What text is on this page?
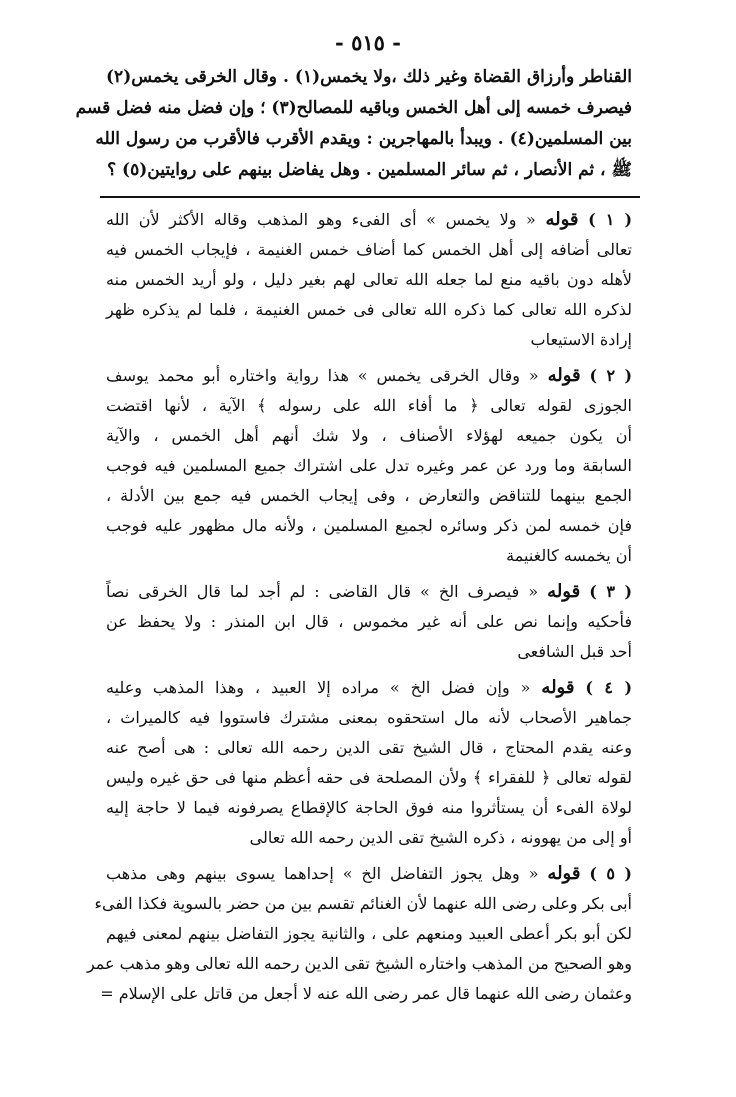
- ٥١٥ -
القناطر وأرزاق القضاة وغير ذلك ،ولا يخمس(١) . وقال الخرقى يخمس(٢)
فيصرف خمسه إلى أهل الخمس وباقيه للمصالح(٣) ؛ وإن فضل منه فضل قسم
بين المسلمين(٤) . ويبدأ بالمهاجرين : ويقدم الأقرب فالأقرب من رسول الله
ﷺ ، ثم الأنصار ، ثم سائر المسلمين . وهل يفاضل بينهم على روايتين(٥) ؟
( ١ ) قوله « ولا يخمس » أى الفىء وهو المذهب وقاله الأكثر لأن الله
تعالى أضافه إلى أهل الخمس كما أضاف خمس الغنيمة ، فإيجاب الخمس فيه
لأهله دون باقيه منع لما جعله الله تعالى لهم بغير دليل ، ولو أريد الخمس منه
لذكره الله تعالى كما ذكره الله تعالى فى خمس الغنيمة ، فلما لم يذكره ظهر
إرادة الاستيعاب
( ٢ ) قوله « وقال الخرقى يخمس » هذا رواية واختاره أبو محمد يوسف
الجوزى لقوله تعالى ﴿ ما أفاء الله على رسوله ﴾ الآية ، لأنها اقتضت
أن يكون جميعه لهؤلاء الأصناف ، ولا شك أنهم أهل الخمس ، والآية
السابقة وما ورد عن عمر وغيره تدل على اشتراك جميع المسلمين فيه فوجب
الجمع بينهما للتناقض والتعارض ، وفى إيجاب الخمس فيه جمع بين الأدلة ،
فإن خمسه لمن ذكر وسائره لجميع المسلمين ، ولأنه مال مظهور عليه فوجب
أن يخمسه كالغنيمة
( ٣ ) قوله « فيصرف الخ » قال القاضى : لم أجد لما قال الخرقى نصاً
فأحكيه وإنما نص على أنه غير مخموس ، قال ابن المنذر : ولا يحفظ عن
أحد قبل الشافعى
( ٤ ) قوله « وإن فضل الخ » مراده إلا العبيد ، وهذا المذهب وعليه
جماهير الأصحاب لأنه مال استحقوه بمعنى مشترك فاستووا فيه كالميراث ،
وعنه يقدم المحتاج ، قال الشيخ تقى الدين رحمه الله تعالى : هى أصح عنه
لقوله تعالى ﴿ للفقراء ﴾ ولأن المصلحة فى حقه أعظم منها فى حق غيره وليس
لولاة الفىء أن يستأثروا منه فوق الحاجة كالإقطاع يصرفونه فيما لا حاجة إليه
أو إلى من يهوونه ، ذكره الشيخ تقى الدين رحمه الله تعالى
( ٥ ) قوله « وهل يجوز التفاضل الخ » إحداهما يسوى بينهم وهى مذهب
أبى بكر وعلى رضى الله عنهما لأن الغنائم تقسم بين من حضر بالسوية فكذا الفىء
لكن أبو بكر أعطى العبيد ومنعهم على ، والثانية يجوز التفاضل بينهم لمعنى فيهم
وهو الصحيح من المذهب واختاره الشيخ تقى الدين رحمه الله تعالى وهو مذهب عمر
وعثمان رضى الله عنهما قال عمر رضى الله عنه لا أجعل من قاتل على الإسلام =
